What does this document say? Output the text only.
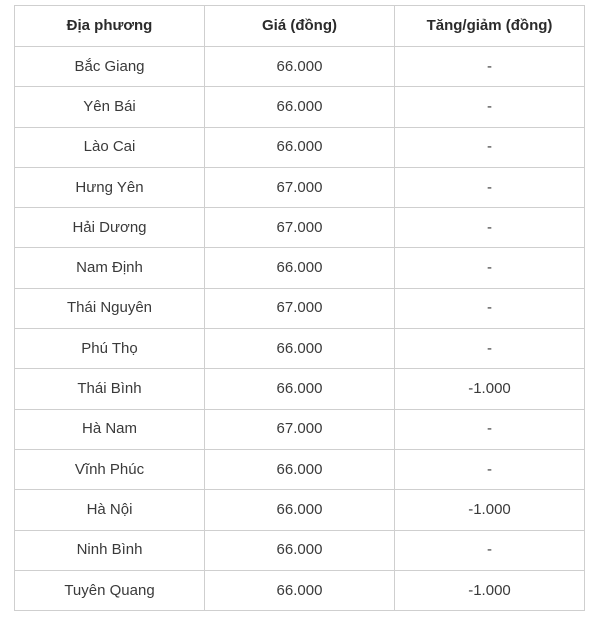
Địa phương	Giá (đồng)	Tăng/giảm (đồng)
Bắc Giang	66.000	-
Yên Bái	66.000	-
Lào Cai	66.000	-
Hưng Yên	67.000	-
Hải Dương	67.000	-
Nam Định	66.000	-
Thái Nguyên	67.000	-
Phú Thọ	66.000	-
Thái Bình	66.000	-1.000
Hà Nam	67.000	-
Vĩnh Phúc	66.000	-
Hà Nội	66.000	-1.000
Ninh Bình	66.000	-
Tuyên Quang	66.000	-1.000
